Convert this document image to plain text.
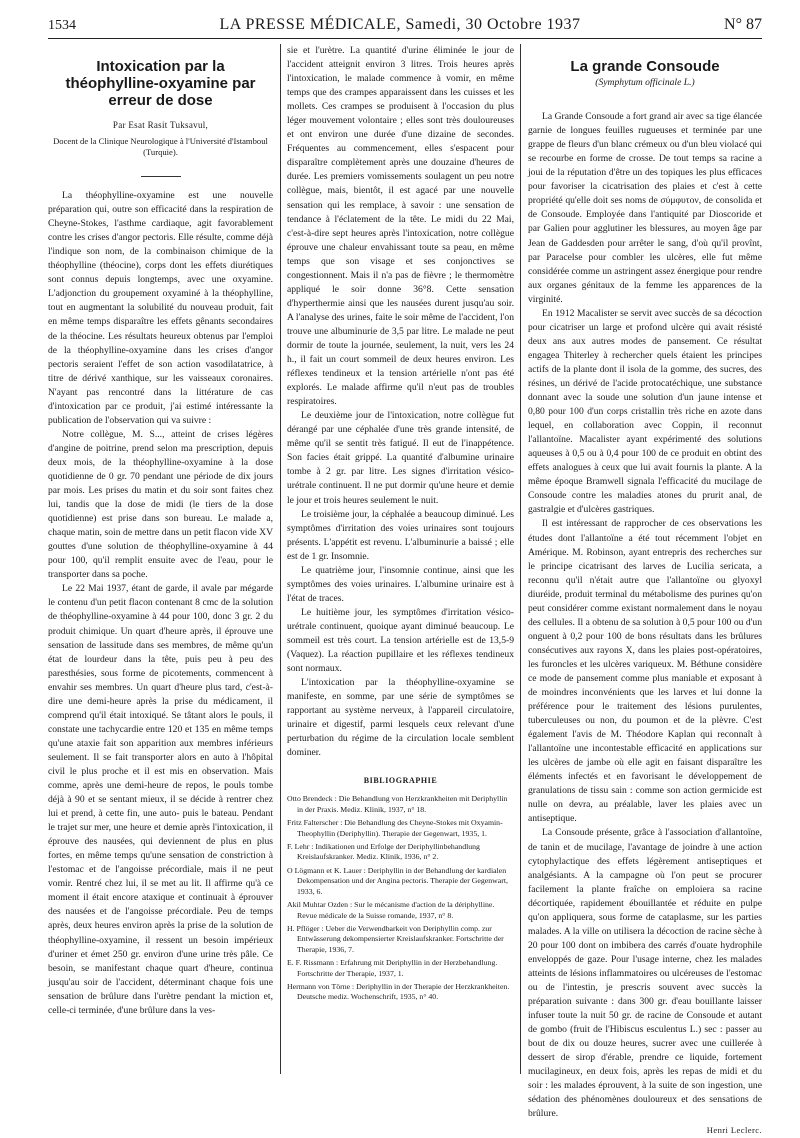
1534	LA PRESSE MÉDICALE, Samedi, 30 Octobre 1937	N° 87
Intoxication par la théophylline-oxyamine par erreur de dose
Par Esat Rasit Tuksavul,
Docent de la Clinique Neurologique à l'Université d'Istamboul (Turquie).

La théophylline-oxyamine est une nouvelle préparation qui, outre son efficacité dans la respiration de Cheyne-Stokes, l'asthme cardiaque, agit favorablement contre les crises d'angor pectoris. Elle résulte, comme déjà l'indique son nom, de la combinaison chimique de la théophylline (théocine), corps dont les effets diurétiques sont connus depuis longtemps, avec une oxyamine. L'adjonction du groupement oxyaminé à la théophylline, tout en augmentant la solubilité du nouveau produit, fait en même temps disparaître les effets gênants secondaires de la théocine. Les résultats heureux obtenus par l'emploi de la théophylline-oxyamine dans les crises d'angor pectoris seraient l'effet de son action vasodilatatrice, à titre de dérivé xanthique, sur les vaisseaux coronaires. N'ayant pas rencontré dans la littérature de cas d'intoxication par ce produit, j'ai estimé intéressante la publication de l'observation qui va suivre :

Notre collègue, M. S..., atteint de crises légères d'angine de poitrine, prend selon ma prescription, depuis deux mois, de la théophylline-oxyamine à la dose quotidienne de 0 gr. 70 pendant une période de dix jours par mois. Les prises du matin et du soir sont faites chez lui, tandis que la dose de midi (le tiers de la dose quotidienne) est prise dans son bureau. Le malade a, chaque matin, soin de mettre dans un petit flacon vide XV gouttes d'une solution de théophylline-oxyamine à 44 pour 100, qu'il remplit ensuite avec de l'eau, pour le transporter dans sa poche.

Le 22 Mai 1937, étant de garde, il avale par mégarde le contenu d'un petit flacon contenant 8 cmc de la solution de théophylline-oxyamine à 44 pour 100, donc 3 gr. 2 du produit chimique. Un quart d'heure après, il éprouve une sensation de lassitude dans ses membres, de même qu'un état de lourdeur dans la tête, puis peu à peu des paresthésies, sous forme de picotements, commencent à envahir ses membres. Un quart d'heure plus tard, c'est-à-dire une demi-heure après la prise du médicament, il comprend qu'il était intoxiqué. Se tâtant alors le pouls, il constate une tachycardie entre 120 et 135 en même temps qu'une ataxie fait son apparition aux membres inférieurs seulement. Il se fait transporter alors en auto à l'hôpital civil le plus proche et il est mis en observation. Mais comme, après une demi-heure de repos, le pouls tombe déjà à 90 et se sentant mieux, il se décide à rentrer chez lui et prend, à cette fin, une auto- puis le bateau. Pendant le trajet sur mer, une heure et demie après l'intoxication, il éprouve des nausées, qui deviennent de plus en plus fortes, en même temps qu'une sensation de constriction à l'estomac et de l'angoisse précordiale, mais il ne peut vomir. Rentré chez lui, il se met au lit. Il affirme qu'à ce moment il était encore ataxique et continuait à éprouver des nausées et de l'angoisse précordiale. Peu de temps après, deux heures environ après la prise de la solution de théophylline-oxyamine, il ressent un besoin impérieux d'uriner et émet 250 gr. environ d'une urine très pâle. Ce besoin, se manifestant chaque quart d'heure, continua jusqu'au soir de l'accident, déterminant chaque fois une sensation de brûlure dans l'urètre pendant la miction et, celle-ci terminée, d'une brûlure dans la ves-

sie et l'urètre. La quantité d'urine éliminée le jour de l'accident atteignit environ 3 litres. Trois heures après l'intoxication, le malade commence à vomir, en même temps que des crampes apparaissent dans les cuisses et les mollets. Ces crampes se produisent à l'occasion du plus léger mouvement volontaire ; elles sont très douloureuses et ont environ une durée d'une dizaine de secondes. Fréquentes au commencement, elles s'espacent pour disparaître complètement après une douzaine d'heures de durée. Les premiers vomissements soulagent un peu notre collègue, mais, bientôt, il est agacé par une nouvelle sensation qui les remplace, à savoir : une sensation de tendance à l'éclatement de la tête. Le midi du 22 Mai, c'est-à-dire sept heures après l'intoxication, notre collègue éprouve une chaleur envahissant toute sa peau, en même temps que son visage et ses conjonctives se congestionnent. Mais il n'a pas de fièvre ; le thermomètre appliqué le soir donne 36°8. Cette sensation d'hyperthermie ainsi que les nausées durent jusqu'au soir. A l'analyse des urines, faite le soir même de l'accident, l'on trouve une albuminurie de 3,5 par litre. Le malade ne peut dormir de toute la journée, seulement, la nuit, vers les 24 h., il fait un court sommeil de deux heures environ. Les réflexes tendineux et la tension artérielle n'ont pas été explorés. Le malade affirme qu'il n'eut pas de troubles respiratoires.

Le deuxième jour de l'intoxication, notre collègue fut dérangé par une céphalée d'une très grande intensité, de même qu'il se sentit très fatigué. Il eut de l'inappétence. Son facies était grippé. La quantité d'albumine urinaire tombe à 2 gr. par litre. Les signes d'irritation vésico-urétrale continuent. Il ne put dormir qu'une heure et demie le jour et trois heures seulement le nuit.

Le troisième jour, la céphalée a beaucoup diminué. Les symptômes d'irritation des voies urinaires sont toujours présents. L'appétit est revenu. L'albuminurie a baissé ; elle est de 1 gr. Insomnie.

Le quatrième jour, l'insomnie continue, ainsi que les symptômes des voies urinaires. L'albumine urinaire est à l'état de traces.

Le huitième jour, les symptômes d'irritation vésico-urétrale continuent, quoique ayant diminué beaucoup. Le sommeil est très court. La tension artérielle est de 13,5-9 (Vaquez). La réaction pupillaire et les réflexes tendineux sont normaux.

L'intoxication par la théophylline-oxyamine se manifeste, en somme, par une série de symptômes se rapportant au système nerveux, à l'appareil circulatoire, urinaire et digestif, parmi lesquels ceux relevant d'une perturbation du régime de la circulation locale semblent dominer.

BIBLIOGRAPHIE
Otto Brendeck : Die Behandlung von Herzkrankheiten mit Deriphyllin in der Praxis. Mediz. Klinik, 1937, n° 18.
Fritz Falterscher : Die Behandlung des Cheyne-Stokes mit Oxyamin-Theophyllin (Deriphyllin). Therapie der Gegenwart, 1935, 1.
F. Lehr : Indikationen und Erfolge der Deriphyllinbehandlung Kreislaufskranker. Mediz. Klinik, 1936, n° 2.
O Lögmann et K. Lauer : Deriphyllin in der Behandlung der kardialen Dekompensation und der Angina pectoris. Therapie der Gegenwart, 1933, 6.
Akil Muhtar Ozden : Sur le mécanisme d'action de la dériphylline. Revue médicale de la Suisse romande, 1937, n° 8.
H. Pflöger : Ueber die Verwendbarkeit von Deriphyllin comp. zur Entwässerung dekompensierter Kreislaufskranker. Fortschritte der Therapie, 1936, 7.
E. F. Rissmann : Erfahrung mit Deriphyllin in der Herzbehandlung. Fortschritte der Therapie, 1937, 1.
Hermann von Törne : Deriphyllin in der Therapie der Herzkrankheiten. Deutsche mediz. Wochenschrift, 1935, n° 40.
La grande Consoude
(Symphytum officinale L.)

La Grande Consoude a fort grand air avec sa tige élancée garnie de longues feuilles rugueuses et terminée par une grappe de fleurs d'un blanc crémeux ou d'un bleu violacé qui se recourbe en forme de crosse. De tout temps sa racine a joui de la réputation d'être un des topiques les plus efficaces pour favoriser la cicatrisation des plaies et c'est à cette propriété qu'elle doit ses noms de σύμφυτον, de consolida et de Consoude. Employée dans l'antiquité par Dioscoride et par Galien pour agglutiner les blessures, au moyen âge par Jean de Gaddesden pour arrêter le sang, d'où qu'il provînt, par Paracelse pour combler les ulcères, elle fut même considérée comme un astringent assez énergique pour rendre aux organes génitaux de la femme les apparences de la virginité.

En 1912 Macalister se servit avec succès de sa décoction pour cicatriser un large et profond ulcère qui avait résisté deux ans aux autres modes de pansement. Ce résultat engagea Thiterley à rechercher quels étaient les principes actifs de la plante dont il isola de la gomme, des sucres, des résines, un dérivé de l'acide protocatéchique, une substance donnant avec la soude une solution d'un jaune intense et 0,80 pour 100 d'un corps cristallin très riche en azote dans lequel, en collaboration avec Coppin, il reconnut l'allantoïne. Macalister ayant expérimenté des solutions aqueuses à 0,5 ou à 0,4 pour 100 de ce produit en obtint des effets analogues à ceux que lui avait fournis la plante. A la même époque Bramwell signala l'efficacité du mucilage de Consoude contre les maladies atones du prurit anal, de gastralgie et d'ulcères gastriques.

Il est intéressant de rapprocher de ces observations les études dont l'allantoïne a été tout récemment l'objet en Amérique. M. Robinson, ayant entrepris des recherches sur le principe cicatrisant des larves de Lucilia sericata, a reconnu qu'il n'était autre que l'allantoïne ou glyoxyl diuréide, produit terminal du métabolisme des purines qu'on peut considérer comme existant normalement dans le noyau des cellules. Il a obtenu de sa solution à 0,5 pour 100 ou d'un onguent à 0,2 pour 100 de bons résultats dans les brûlures consécutives aux rayons X, dans les plaies post-opératoires, les furoncles et les ulcères variqueux. M. Béthune considère ce mode de pansement comme plus maniable et exposant à de moindres inconvénients que les larves et lui donne la préférence pour le traitement des lésions purulentes, tuberculeuses ou non, du poumon et de la plèvre. C'est également l'avis de M. Théodore Kaplan qui reconnaît à l'allantoïne une incontestable efficacité en applications sur les ulcères de jambe où elle agit en faisant disparaître les éléments infectés et en favorisant le développement de granulations de tissu sain : comme son action germicide est nulle on devra, au préalable, laver les plaies avec un antiseptique.

La Consoude présente, grâce à l'association d'allantoïne, de tanin et de mucilage, l'avantage de joindre à une action cytophylactique des effets légèrement antiseptiques et analgésiants. A la campagne où l'on peut se procurer facilement la plante fraîche on emploiera sa racine décortiquée, rapidement ébouillantée et réduite en pulpe qu'on appliquera, sous forme de cataplasme, sur les parties malades. A la ville on utilisera la décoction de racine sèche à 20 pour 100 dont on imbibera des carrés d'ouate hydrophile enveloppés de gaze. Pour l'usage interne, chez les malades atteints de lésions inflammatoires ou ulcéreuses de l'estomac ou de l'intestin, je prescris souvent avec succès la préparation suivante : dans 300 gr. d'eau bouillante laisser infuser toute la nuit 50 gr. de racine de Consoude et autant de gombo (fruit de l'Hibiscus esculentus L.) sec : passer au bout de dix ou douze heures, sucrer avec une cuillerée à dessert de sirop d'érable, prendre ce liquide, fortement mucilagineux, en deux fois, après les repas de midi et du soir : les malades éprouvent, à la suite de son ingestion, une sédation des phénomènes douloureux et des sensations de brûlure.

Henri Leclerc.
